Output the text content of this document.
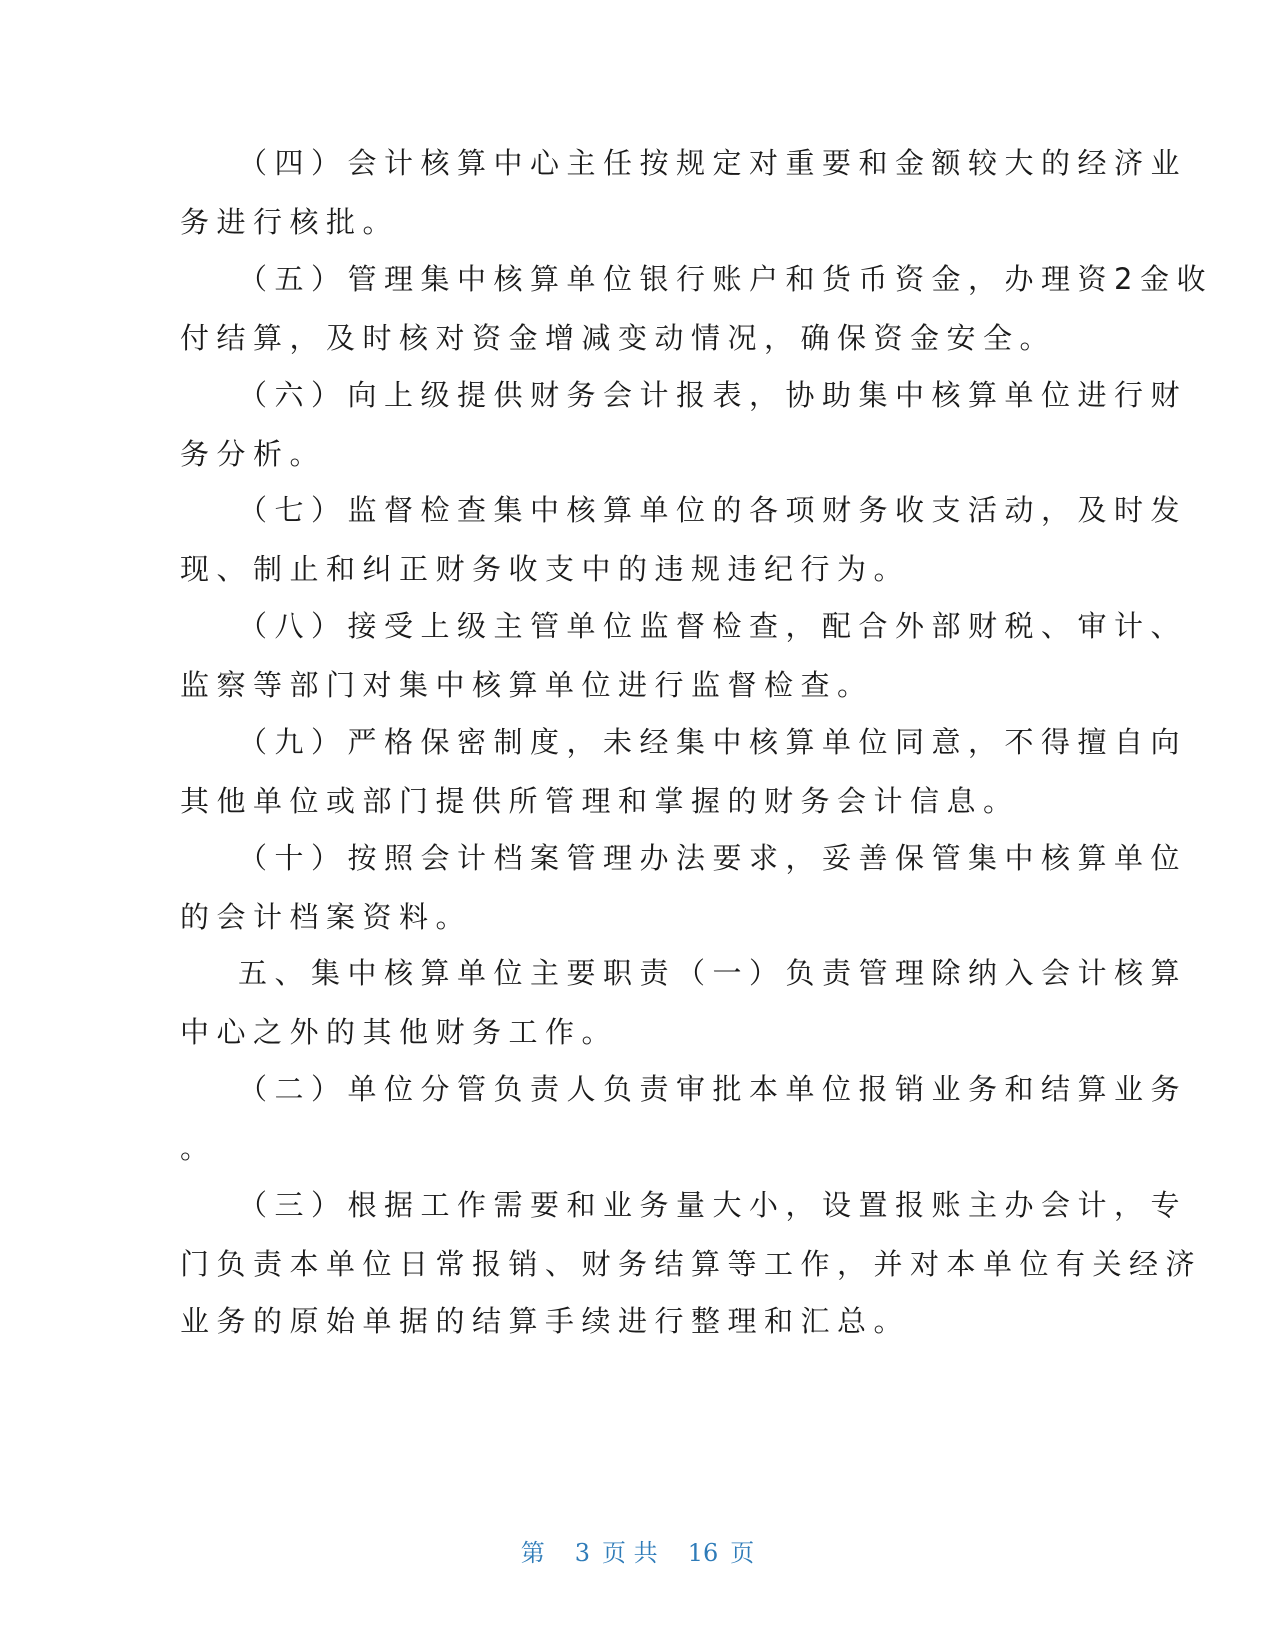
（四）会计核算中心主任按规定对重要和金额较大的经济业
务进行核批。
（五）管理集中核算单位银行账户和货币资金，办理资2金收
付结算，及时核对资金增减变动情况，确保资金安全。
（六）向上级提供财务会计报表，协助集中核算单位进行财
务分析。
（七）监督检查集中核算单位的各项财务收支活动，及时发
现、制止和纠正财务收支中的违规违纪行为。
（八）接受上级主管单位监督检查，配合外部财税、审计、
监察等部门对集中核算单位进行监督检查。
（九）严格保密制度，未经集中核算单位同意，不得擅自向
其他单位或部门提供所管理和掌握的财务会计信息。
（十）按照会计档案管理办法要求，妥善保管集中核算单位
的会计档案资料。
五、集中核算单位主要职责（一）负责管理除纳入会计核算
中心之外的其他财务工作。
（二）单位分管负责人负责审批本单位报销业务和结算业务
。
（三）根据工作需要和业务量大小，设置报账主办会计，专
门负责本单位日常报销、财务结算等工作，并对本单位有关经济
业务的原始单据的结算手续进行整理和汇总。
第 3 页 共 16 页
